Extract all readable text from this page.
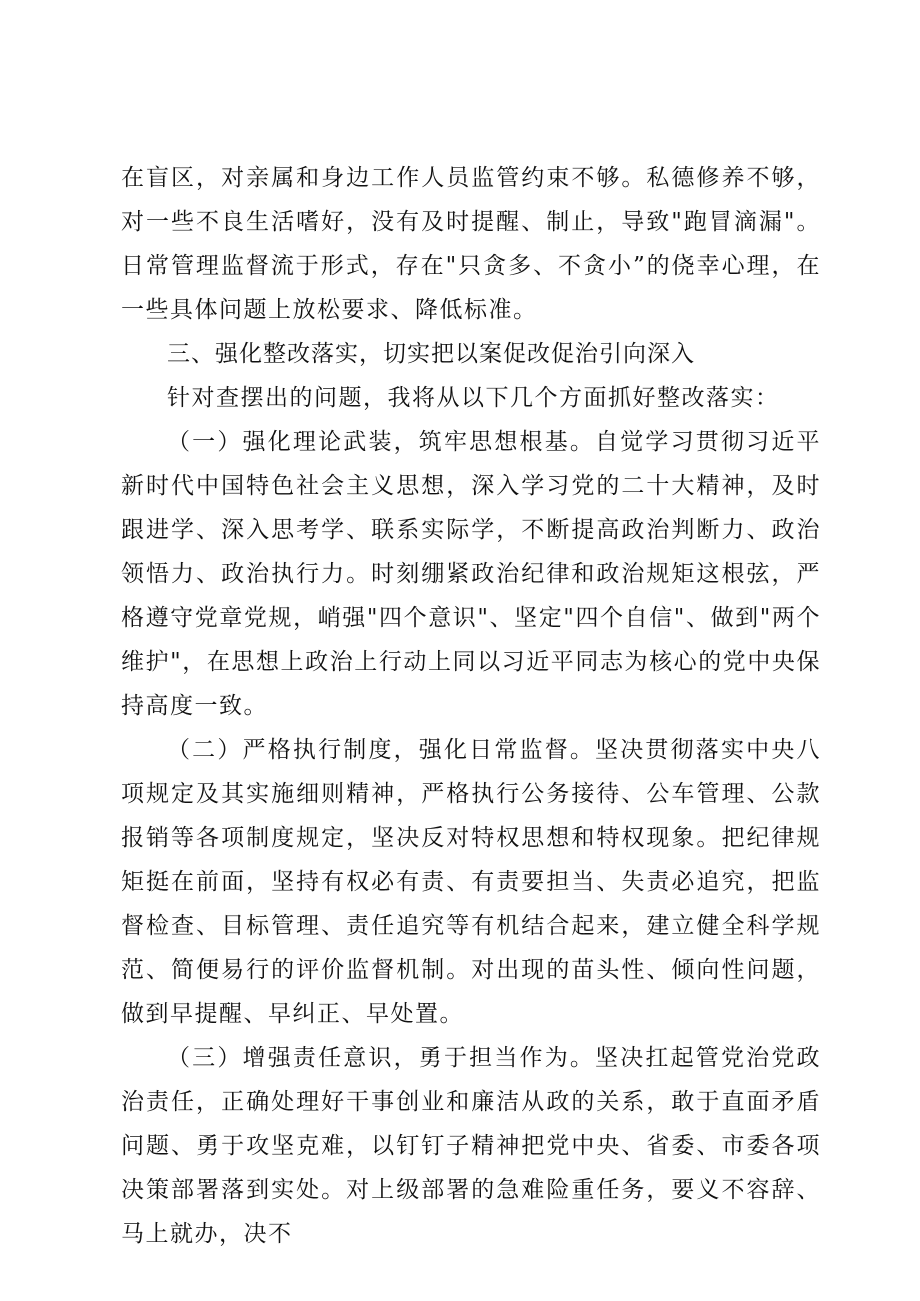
在盲区，对亲属和身边工作人员监管约束不够。私德修养不够，对一些不良生活嗜好，没有及时提醒、制止，导致"跑冒滴漏"。日常管理监督流于形式，存在"只贪多、不贪小”的侥幸心理，在一些具体问题上放松要求、降低标准。

三、强化整改落实，切实把以案促改促治引向深入

针对查摆出的问题，我将从以下几个方面抓好整改落实：

（一）强化理论武装，筑牢思想根基。自觉学习贯彻习近平新时代中国特色社会主义思想，深入学习党的二十大精神，及时跟进学、深入思考学、联系实际学，不断提高政治判断力、政治领悟力、政治执行力。时刻绷紧政治纪律和政治规矩这根弦，严格遵守党章党规，峭强"四个意识"、坚定"四个自信"、做到"两个维护"，在思想上政治上行动上同以习近平同志为核心的党中央保持高度一致。

（二）严格执行制度，强化日常监督。坚决贯彻落实中央八项规定及其实施细则精神，严格执行公务接待、公车管理、公款报销等各项制度规定，坚决反对特权思想和特权现象。把纪律规矩挺在前面，坚持有权必有责、有责要担当、失责必追究，把监督检查、目标管理、责任追究等有机结合起来，建立健全科学规范、简便易行的评价监督机制。对出现的苗头性、倾向性问题，做到早提醒、早纠正、早处置。

（三）增强责任意识，勇于担当作为。坚决扛起管党治党政治责任，正确处理好干事创业和廉洁从政的关系，敢于直面矛盾问题、勇于攻坚克难，以钉钉子精神把党中央、省委、市委各项决策部署落到实处。对上级部署的急难险重任务，要义不容辞、马上就办，决不
